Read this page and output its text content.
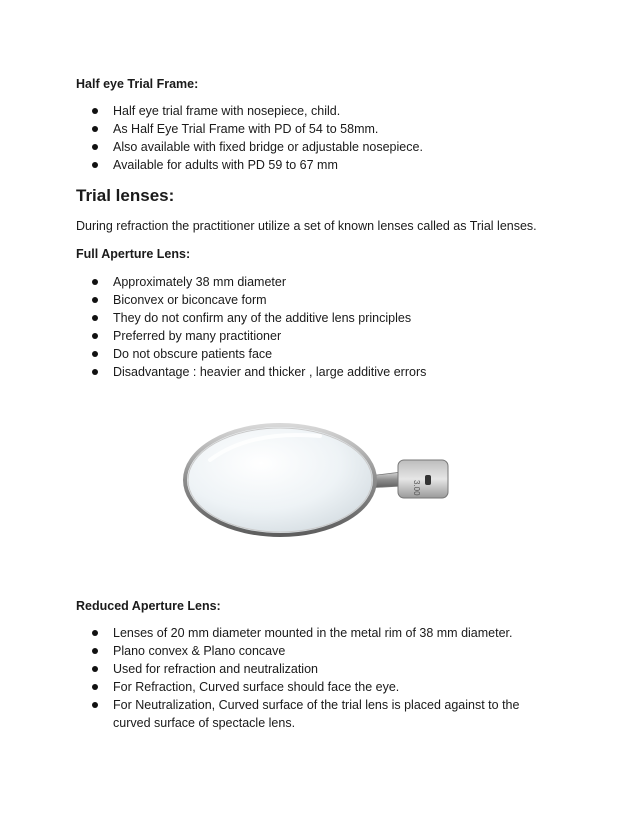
Half eye Trial Frame:
Half eye trial frame with nosepiece, child.
As Half Eye Trial Frame with PD of 54 to 58mm.
Also available with fixed bridge or adjustable nosepiece.
Available for adults with PD 59 to 67 mm
Trial lenses:
During refraction the practitioner utilize a set of known lenses called as Trial lenses.
Full Aperture Lens:
Approximately 38 mm diameter
Biconvex or biconcave form
They do not confirm any of the additive lens principles
Preferred by many practitioner
Do not obscure patients face
Disadvantage : heavier and thicker , large additive errors
3.00
Reduced Aperture Lens:
Lenses of 20 mm diameter mounted in the metal rim of 38 mm diameter.
Plano convex & Plano concave
Used for refraction and neutralization
For Refraction, Curved surface should face the eye.
For Neutralization, Curved surface of the trial lens is placed against to the curved surface of spectacle lens.
